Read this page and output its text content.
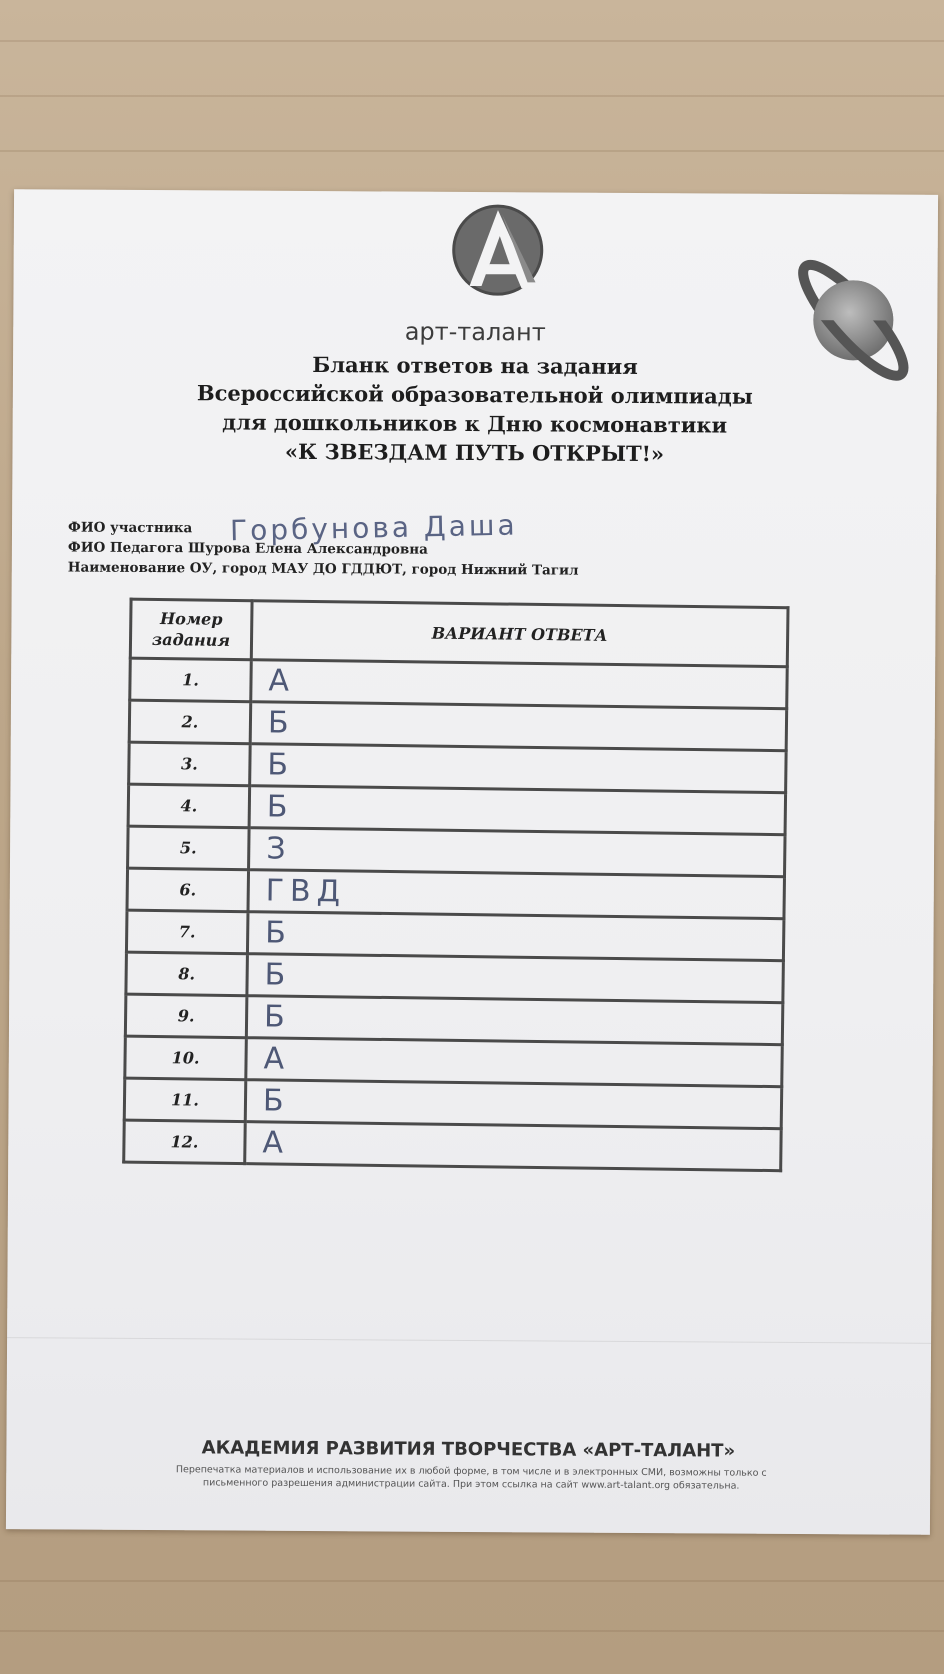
арт-талант
Бланк ответов на задания
Всероссийской образовательной олимпиады
для дошкольников к Дню космонавтики
«К ЗВЕЗДАМ ПУТЬ ОТКРЫТ!»
ФИО участника Горбунова Даша
ФИО Педагога Шурова Елена Александровна
Наименование ОУ, город МАУ ДО ГДДЮТ, город Нижний Тагил
Номер задания	ВАРИАНТ ОТВЕТА
1.	А
2.	Б
3.	Б
4.	Б
5.	З
6.	ГВД
7.	Б
8.	Б
9.	Б
10.	А
11.	Б
12.	А
АКАДЕМИЯ РАЗВИТИЯ ТВОРЧЕСТВА «АРТ-ТАЛАНТ»
Перепечатка материалов и использование их в любой форме, в том числе и в электронных СМИ, возможны только с
письменного разрешения администрации сайта. При этом ссылка на сайт www.art-talant.org обязательна.
